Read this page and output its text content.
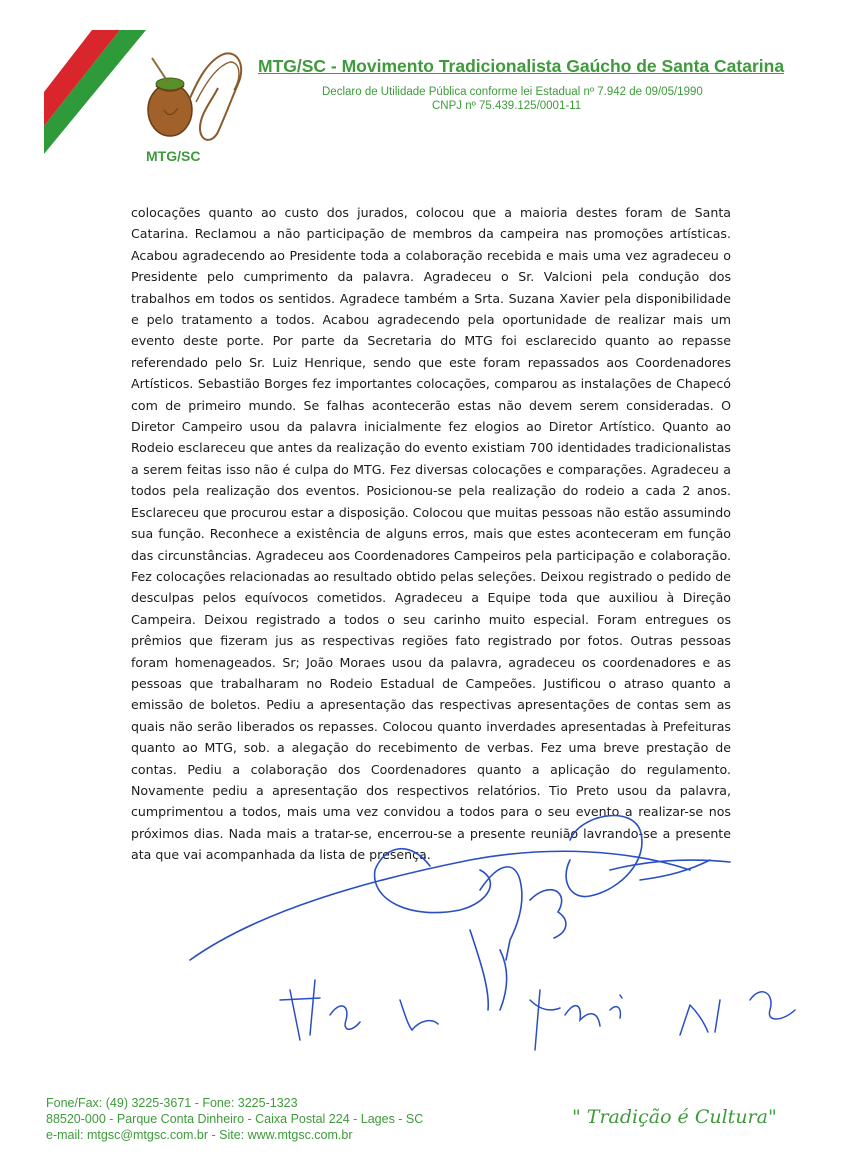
MTG/SC
MTG/SC - Movimento Tradicionalista Gaúcho de Santa Catarina
Declaro de Utilidade Pública conforme lei Estadual nº 7.942 de 09/05/1990
CNPJ nº 75.439.125/0001-11

colocações quanto ao custo dos jurados, colocou que a maioria destes foram de Santa Catarina. Reclamou a não participação de membros da campeira nas promoções artísticas. Acabou agradecendo ao Presidente toda a colaboração recebida e mais uma vez agradeceu o Presidente pelo cumprimento da palavra. Agradeceu o Sr. Valcioni pela condução dos trabalhos em todos os sentidos. Agradece também a Srta. Suzana Xavier pela disponibilidade e pelo tratamento a todos. Acabou agradecendo pela oportunidade de realizar mais um evento deste porte. Por parte da Secretaria do MTG foi esclarecido quanto ao repasse referendado pelo Sr. Luiz Henrique, sendo que este foram repassados aos Coordenadores Artísticos. Sebastião Borges fez importantes colocações, comparou as instalações de Chapecó com de primeiro mundo. Se falhas acontecerão estas não devem serem consideradas. O Diretor Campeiro usou da palavra inicialmente fez elogios ao Diretor Artístico. Quanto ao Rodeio esclareceu que antes da realização do evento existiam 700 identidades tradicionalistas a serem feitas isso não é culpa do MTG. Fez diversas colocações e comparações. Agradeceu a todos pela realização dos eventos. Posicionou-se pela realização do rodeio a cada 2 anos. Esclareceu que procurou estar a disposição. Colocou que muitas pessoas não estão assumindo sua função. Reconhece a existência de alguns erros, mais que estes aconteceram em função das circunstâncias. Agradeceu aos Coordenadores Campeiros pela participação e colaboração. Fez colocações relacionadas ao resultado obtido pelas seleções. Deixou registrado o pedido de desculpas pelos equívocos cometidos. Agradeceu a Equipe toda que auxiliou à Direção Campeira. Deixou registrado a todos o seu carinho muito especial. Foram entregues os prêmios que fizeram jus as respectivas regiões fato registrado por fotos. Outras pessoas foram homenageados. Sr; João Moraes usou da palavra, agradeceu os coordenadores e as pessoas que trabalharam no Rodeio Estadual de Campeões. Justificou o atraso quanto a emissão de boletos. Pediu a apresentação das respectivas apresentações de contas sem as quais não serão liberados os repasses. Colocou quanto inverdades apresentadas à Prefeituras quanto ao MTG, sob. a alegação do recebimento de verbas. Fez uma breve prestação de contas. Pediu a colaboração dos Coordenadores quanto a aplicação do regulamento. Novamente pediu a apresentação dos respectivos relatórios. Tio Preto usou da palavra, cumprimentou a todos, mais uma vez convidou a todos para o seu evento a realizar-se nos próximos dias. Nada mais a tratar-se, encerrou-se a presente reunião lavrando-se a presente ata que vai acompanhada da lista de presença.

Fone/Fax: (49) 3225-3671 - Fone: 3225-1323
88520-000 - Parque Conta Dinheiro - Caixa Postal 224 - Lages - SC
e-mail: mtgsc@mtgsc.com.br - Site: www.mtgsc.com.br
" Tradição é Cultura"
